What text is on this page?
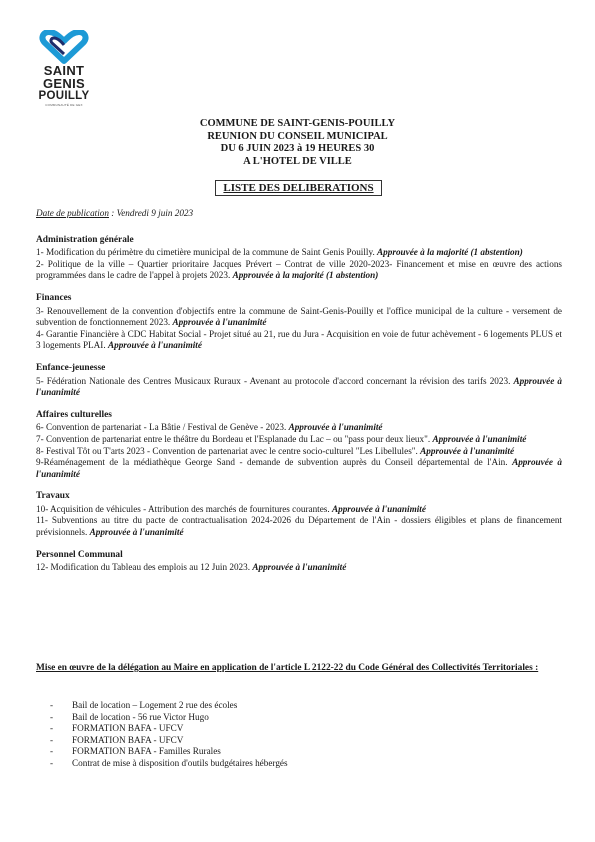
SAINT
GENIS
POUILLY
COMMUNAUTÉ DE GEX
COMMUNE DE SAINT-GENIS-POUILLY
REUNION DU CONSEIL MUNICIPAL
DU 6 JUIN 2023 à 19 HEURES 30
A L'HOTEL DE VILLE
LISTE DES DELIBERATIONS
Date de publication : Vendredi 9 juin 2023
Administration générale
1- Modification du périmètre du cimetière municipal de la commune de Saint Genis Pouilly. Approuvée à la majorité (1 abstention)
2- Politique de la ville – Quartier prioritaire Jacques Prévert – Contrat de ville 2020-2023- Financement et mise en œuvre des actions programmées dans le cadre de l'appel à projets 2023. Approuvée à la majorité (1 abstention)
Finances
3- Renouvellement de la convention d'objectifs entre la commune de Saint-Genis-Pouilly et l'office municipal de la culture - versement de subvention de fonctionnement 2023. Approuvée à l'unanimité
4- Garantie Financière à CDC Habitat Social - Projet situé au 21, rue du Jura - Acquisition en voie de futur achèvement - 6 logements PLUS et 3 logements PLAI. Approuvée à l'unanimité
Enfance-jeunesse
5- Fédération Nationale des Centres Musicaux Ruraux - Avenant au protocole d'accord concernant la révision des tarifs 2023. Approuvée à l'unanimité
Affaires culturelles
6- Convention de partenariat - La Bâtie / Festival de Genève - 2023. Approuvée à l'unanimité
7- Convention de partenariat entre le théâtre du Bordeau et l'Esplanade du Lac – ou "pass pour deux lieux". Approuvée à l'unanimité
8- Festival Tôt ou T'arts 2023 - Convention de partenariat avec le centre socio-culturel "Les Libellules". Approuvée à l'unanimité
9-Réaménagement de la médiathèque George Sand - demande de subvention auprès du Conseil départemental de l'Ain. Approuvée à l'unanimité
Travaux
10- Acquisition de véhicules - Attribution des marchés de fournitures courantes. Approuvée à l'unanimité
11- Subventions au titre du pacte de contractualisation 2024-2026 du Département de l'Ain - dossiers éligibles et plans de financement prévisionnels. Approuvée à l'unanimité
Personnel Communal
12- Modification du Tableau des emplois au 12 Juin 2023. Approuvée à l'unanimité
Mise en œuvre de la délégation au Maire en application de l'article L 2122-22 du Code Général des Collectivités Territoriales :
-	Bail de location – Logement 2 rue des écoles
-	Bail de location - 56 rue Victor Hugo
-	FORMATION BAFA - UFCV
-	FORMATION BAFA - UFCV
-	FORMATION BAFA - Familles Rurales
-	Contrat de mise à disposition d'outils budgétaires hébergés
